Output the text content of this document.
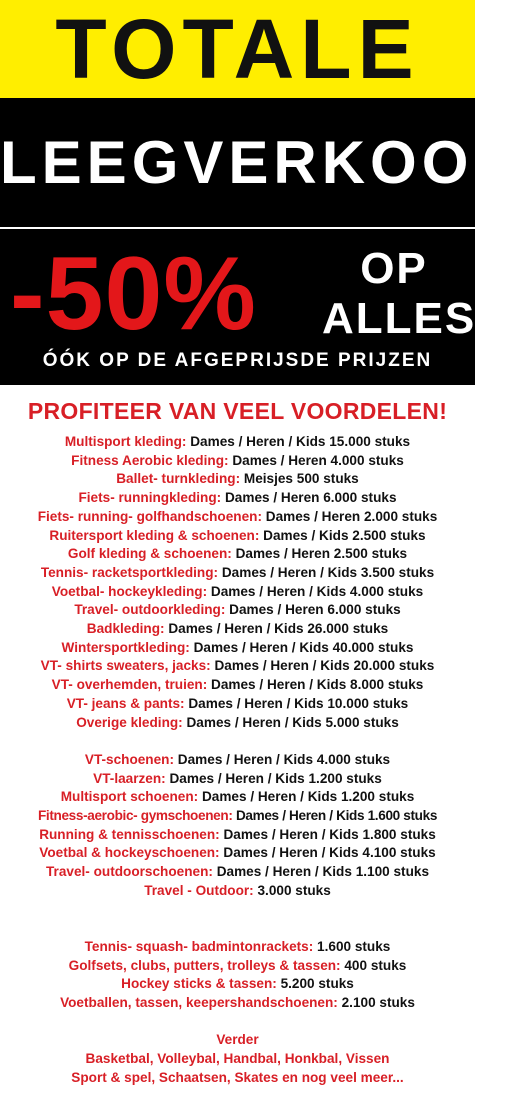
TOTALE
LEEGVERKOOP
-50%	OP
ALLES!
ÓÓK OP DE AFGEPRIJSDE PRIJZEN
PROFITEER VAN VEEL VOORDELEN!
Multisport kleding: Dames / Heren / Kids 15.000 stuks
Fitness Aerobic kleding: Dames / Heren 4.000 stuks
Ballet- turnkleding: Meisjes 500 stuks
Fiets- runningkleding: Dames / Heren 6.000 stuks
Fiets- running- golfhandschoenen: Dames / Heren 2.000 stuks
Ruitersport kleding & schoenen: Dames / Kids 2.500 stuks
Golf kleding & schoenen: Dames / Heren 2.500 stuks
Tennis- racketsportkleding: Dames / Heren / Kids 3.500 stuks
Voetbal- hockeykleding: Dames / Heren / Kids 4.000 stuks
Travel- outdoorkleding: Dames / Heren 6.000 stuks
Badkleding: Dames / Heren / Kids 26.000 stuks
Wintersportkleding: Dames / Heren / Kids 40.000 stuks
VT- shirts sweaters, jacks: Dames / Heren / Kids 20.000 stuks
VT- overhemden, truien: Dames / Heren / Kids 8.000 stuks
VT- jeans & pants: Dames / Heren / Kids 10.000 stuks
Overige kleding: Dames / Heren / Kids 5.000 stuks
VT-schoenen: Dames / Heren / Kids 4.000 stuks
VT-laarzen: Dames / Heren / Kids 1.200 stuks
Multisport schoenen: Dames / Heren / Kids 1.200 stuks
Fitness-aerobic- gymschoenen: Dames / Heren / Kids 1.600 stuks
Running & tennisschoenen: Dames / Heren / Kids 1.800 stuks
Voetbal & hockeyschoenen: Dames / Heren / Kids 4.100 stuks
Travel- outdoorschoenen: Dames / Heren / Kids 1.100 stuks
Travel - Outdoor: 3.000 stuks
Tennis- squash- badmintonrackets: 1.600 stuks
Golfsets, clubs, putters, trolleys & tassen: 400 stuks
Hockey sticks & tassen: 5.200 stuks
Voetballen, tassen, keepershandschoenen: 2.100 stuks
Verder
Basketbal, Volleybal, Handbal, Honkbal, Vissen
Sport & spel, Schaatsen, Skates en nog veel meer...
